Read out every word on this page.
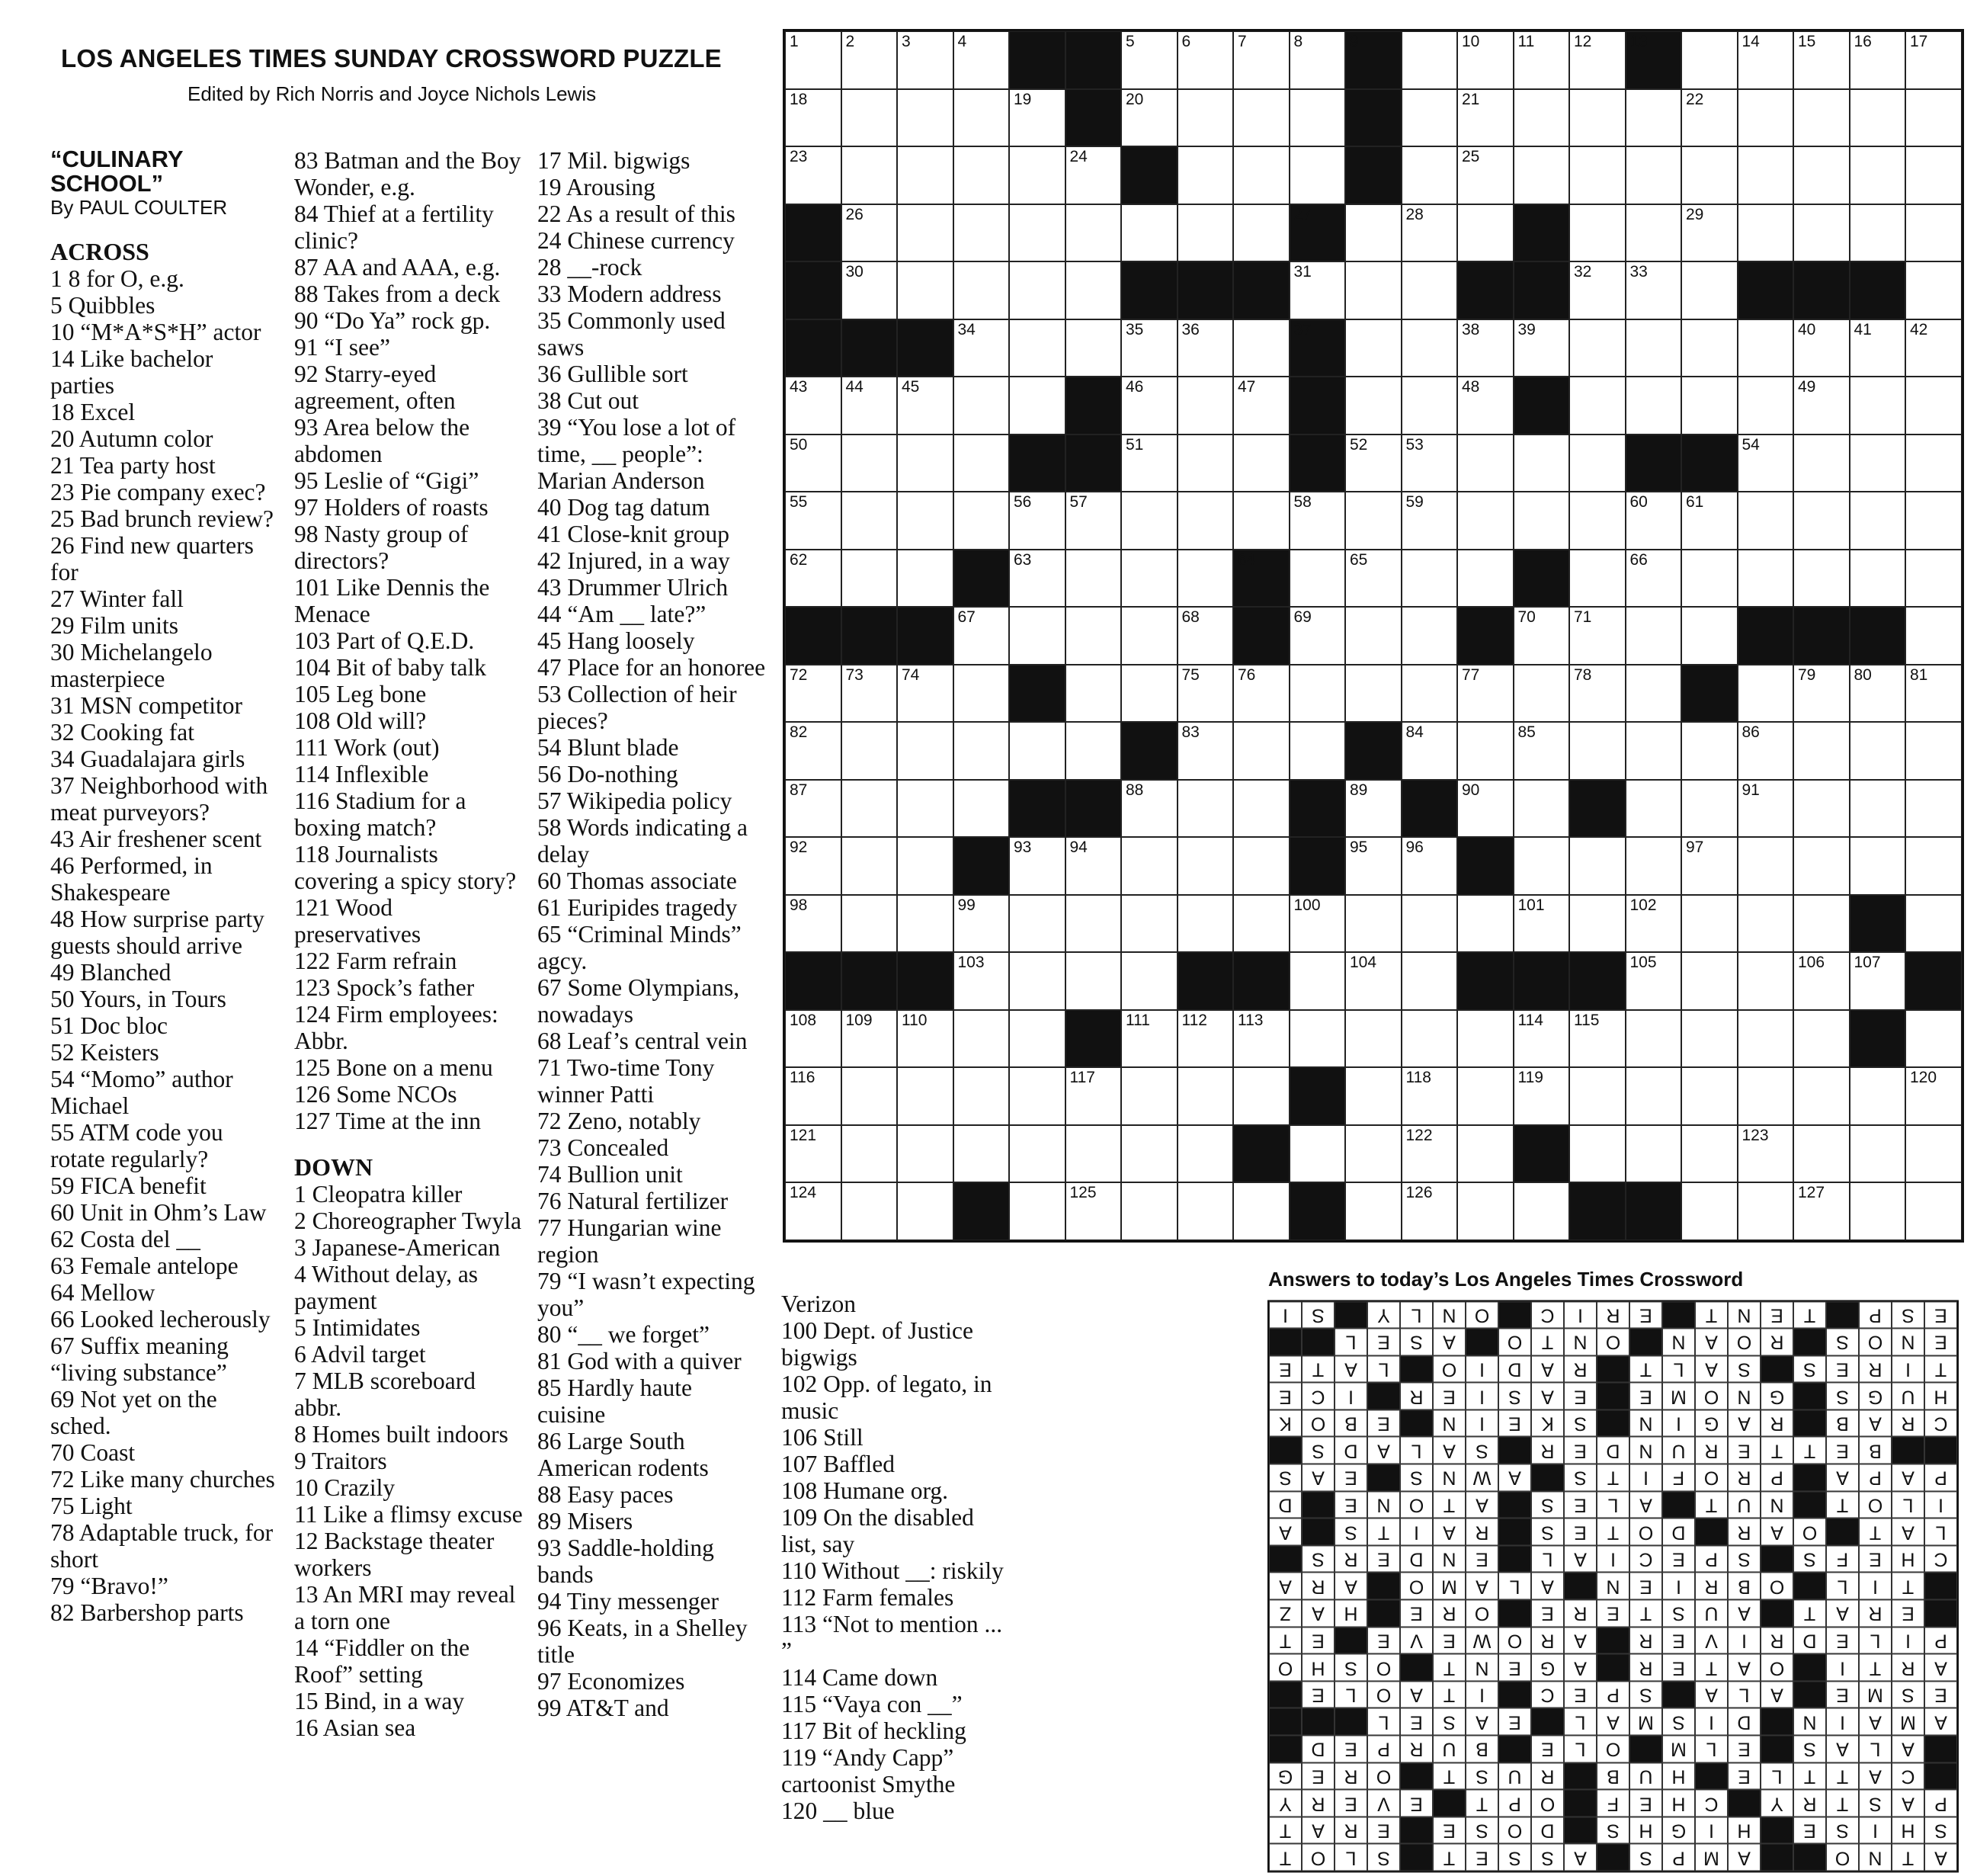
LOS ANGELES TIMES SUNDAY CROSSWORD PUZZLE
Edited by Rich Norris and Joyce Nichols Lewis
“CULINARY SCHOOL”
By PAUL COULTER
ACROSS
1 8 for O, e.g.
5 Quibbles
10 “M*A*S*H” actor
14 Like bachelor parties
18 Excel
20 Autumn color
21 Tea party host
23 Pie company exec?
25 Bad brunch review?
26 Find new quarters for
27 Winter fall
29 Film units
30 Michelangelo masterpiece
31 MSN competitor
32 Cooking fat
34 Guadalajara girls
37 Neighborhood with meat purveyors?
43 Air freshener scent
46 Performed, in Shakespeare
48 How surprise party guests should arrive
49 Blanched
50 Yours, in Tours
51 Doc bloc
52 Keisters
54 “Momo” author Michael
55 ATM code you rotate regularly?
59 FICA benefit
60 Unit in Ohm’s Law
62 Costa del __
63 Female antelope
64 Mellow
66 Looked lecherously
67 Suffix meaning “living substance”
69 Not yet on the sched.
70 Coast
72 Like many churches
75 Light
78 Adaptable truck, for short
79 “Bravo!”
82 Barbershop parts
83 Batman and the Boy Wonder, e.g.
84 Thief at a fertility clinic?
87 AA and AAA, e.g.
88 Takes from a deck
90 “Do Ya” rock gp.
91 “I see”
92 Starry-eyed agreement, often
93 Area below the abdomen
95 Leslie of “Gigi”
97 Holders of roasts
98 Nasty group of directors?
101 Like Dennis the Menace
103 Part of Q.E.D.
104 Bit of baby talk
105 Leg bone
108 Old will?
111 Work (out)
114 Inflexible
116 Stadium for a boxing match?
118 Journalists covering a spicy story?
121 Wood preservatives
122 Farm refrain
123 Spock’s father
124 Firm employees: Abbr.
125 Bone on a menu
126 Some NCOs
127 Time at the inn
DOWN
1 Cleopatra killer
2 Choreographer Twyla
3 Japanese-American
4 Without delay, as payment
5 Intimidates
6 Advil target
7 MLB scoreboard abbr.
8 Homes built indoors
9 Traitors
10 Crazily
11 Like a flimsy excuse
12 Backstage theater workers
13 An MRI may reveal a torn one
14 “Fiddler on the Roof” setting
15 Bind, in a way
16 Asian sea
17 Mil. bigwigs
19 Arousing
22 As a result of this
24 Chinese currency
28 __-rock
33 Modern address
35 Commonly used saws
36 Gullible sort
38 Cut out
39 “You lose a lot of time, __ people”: Marian Anderson
40 Dog tag datum
41 Close-knit group
42 Injured, in a way
43 Drummer Ulrich
44 “Am __ late?”
45 Hang loosely
47 Place for an honoree
53 Collection of heir pieces?
54 Blunt blade
56 Do-nothing
57 Wikipedia policy
58 Words indicating a delay
60 Thomas associate
61 Euripides tragedy
65 “Criminal Minds” agcy.
67 Some Olympians, nowadays
68 Leaf’s central vein
71 Two-time Tony winner Patti
72 Zeno, notably
73 Concealed
74 Bullion unit
76 Natural fertilizer
77 Hungarian wine region
79 “I wasn’t expecting you”
80 “__ we forget”
81 God with a quiver
85 Hardly haute cuisine
86 Large South American rodents
88 Easy paces
89 Misers
93 Saddle-holding bands
94 Tiny messenger
96 Keats, in a Shelley title
97 Economizes
99 AT&T and
Verizon
100 Dept. of Justice bigwigs
102 Opp. of legato, in music
106 Still
107 Baffled
108 Humane org.
109 On the disabled list, say
110 Without __: riskily
112 Farm females
113 “Not to mention ... ”
114 Came down
115 “Vaya con __”
117 Bit of heckling
119 “Andy Capp” cartoonist Smythe
120 __ blue
1	2	3	4	5	6	7	8	9	10 11 12 13	14 15 16 17
18	19	20	21	22
23	24	25
26	27	28	29
30	31	32 33
34	35 36	37	38 39	40 41 42
43 44 45	46	47	48	49
50	51	52 53	54
55	56 57	58	59	60 61
62	63	64	65	66
67	68	69	70 71
72 73 74	75 76	77	78	79 80 81
82	83	84	85	86
87	88	89	90	91
92	93 94	95 96	97
98	99	100	101	102
103	104	105	106 107
108 109 110	111 112 113	114 115
116	117	118	119	120
121	122	123
124	125	126	127
Answers to today’s Los Angeles Times Crossword
A
T
N
O
A
M
P
S
A
S
S
E
T
S
L
O
T
S
H
I
S
E
H
I
G
H
S
D
O
S
E
E
R
A
T
P
A
S
T
R
Y
C
H
E
F
O
P
T
E
V
E
R
Y
C
A
T
T
L
E
H
U
B
R
U
S
T
O
R
E
G
A
L
A
S
E
L
M
O
L
E
B
U
R
P
E
D
A
M
A
I
N
D
I
S
M
A
L
E
A
S
E
L
E
S
M
E
A
L
A
S
P
E
C
I
T
A
O
L
E
A
R
T
I
O
A
T
E
R
A
G
E
N
T
O
S
H
O
P
I
L
E
D
R
I
V
E
R
A
R
O
W
E
V
E
E
T
E
R
A
T
A
U
S
T
E
R
E
O
R
E
H
A
Z
T
I
L
O
B
R
I
E
N
A
L
A
M
O
A
R
A
C
H
E
F
S
S
P
E
C
I
A
L
E
N
D
E
R
S
L
A
T
O
A
R
D
O
T
E
S
R
A
I
T
S
A
I
L
O
T
N
U
T
A
L
E
S
A
T
O
N
E
D
P
A
P
A
P
R
O
F
I
T
S
A
W
N
S
E
A
S
B
E
T
T
E
R
U
N
D
E
R
S
A
L
A
D
S
C
R
A
B
R
A
G
I
N
S
K
E
I
N
E
B
O
K
H
U
G
S
G
N
O
M
E
E
A
S
I
E
R
I
C
E
T
I
R
E
S
S
A
L
T
R
A
D
I
O
L
A
T
E
E
N
O
S
R
O
A
N
O
N
T
O
A
S
E
L
E
S
P
T
E
N
T
E
R
I
C
O
N
L
Y
S
I
